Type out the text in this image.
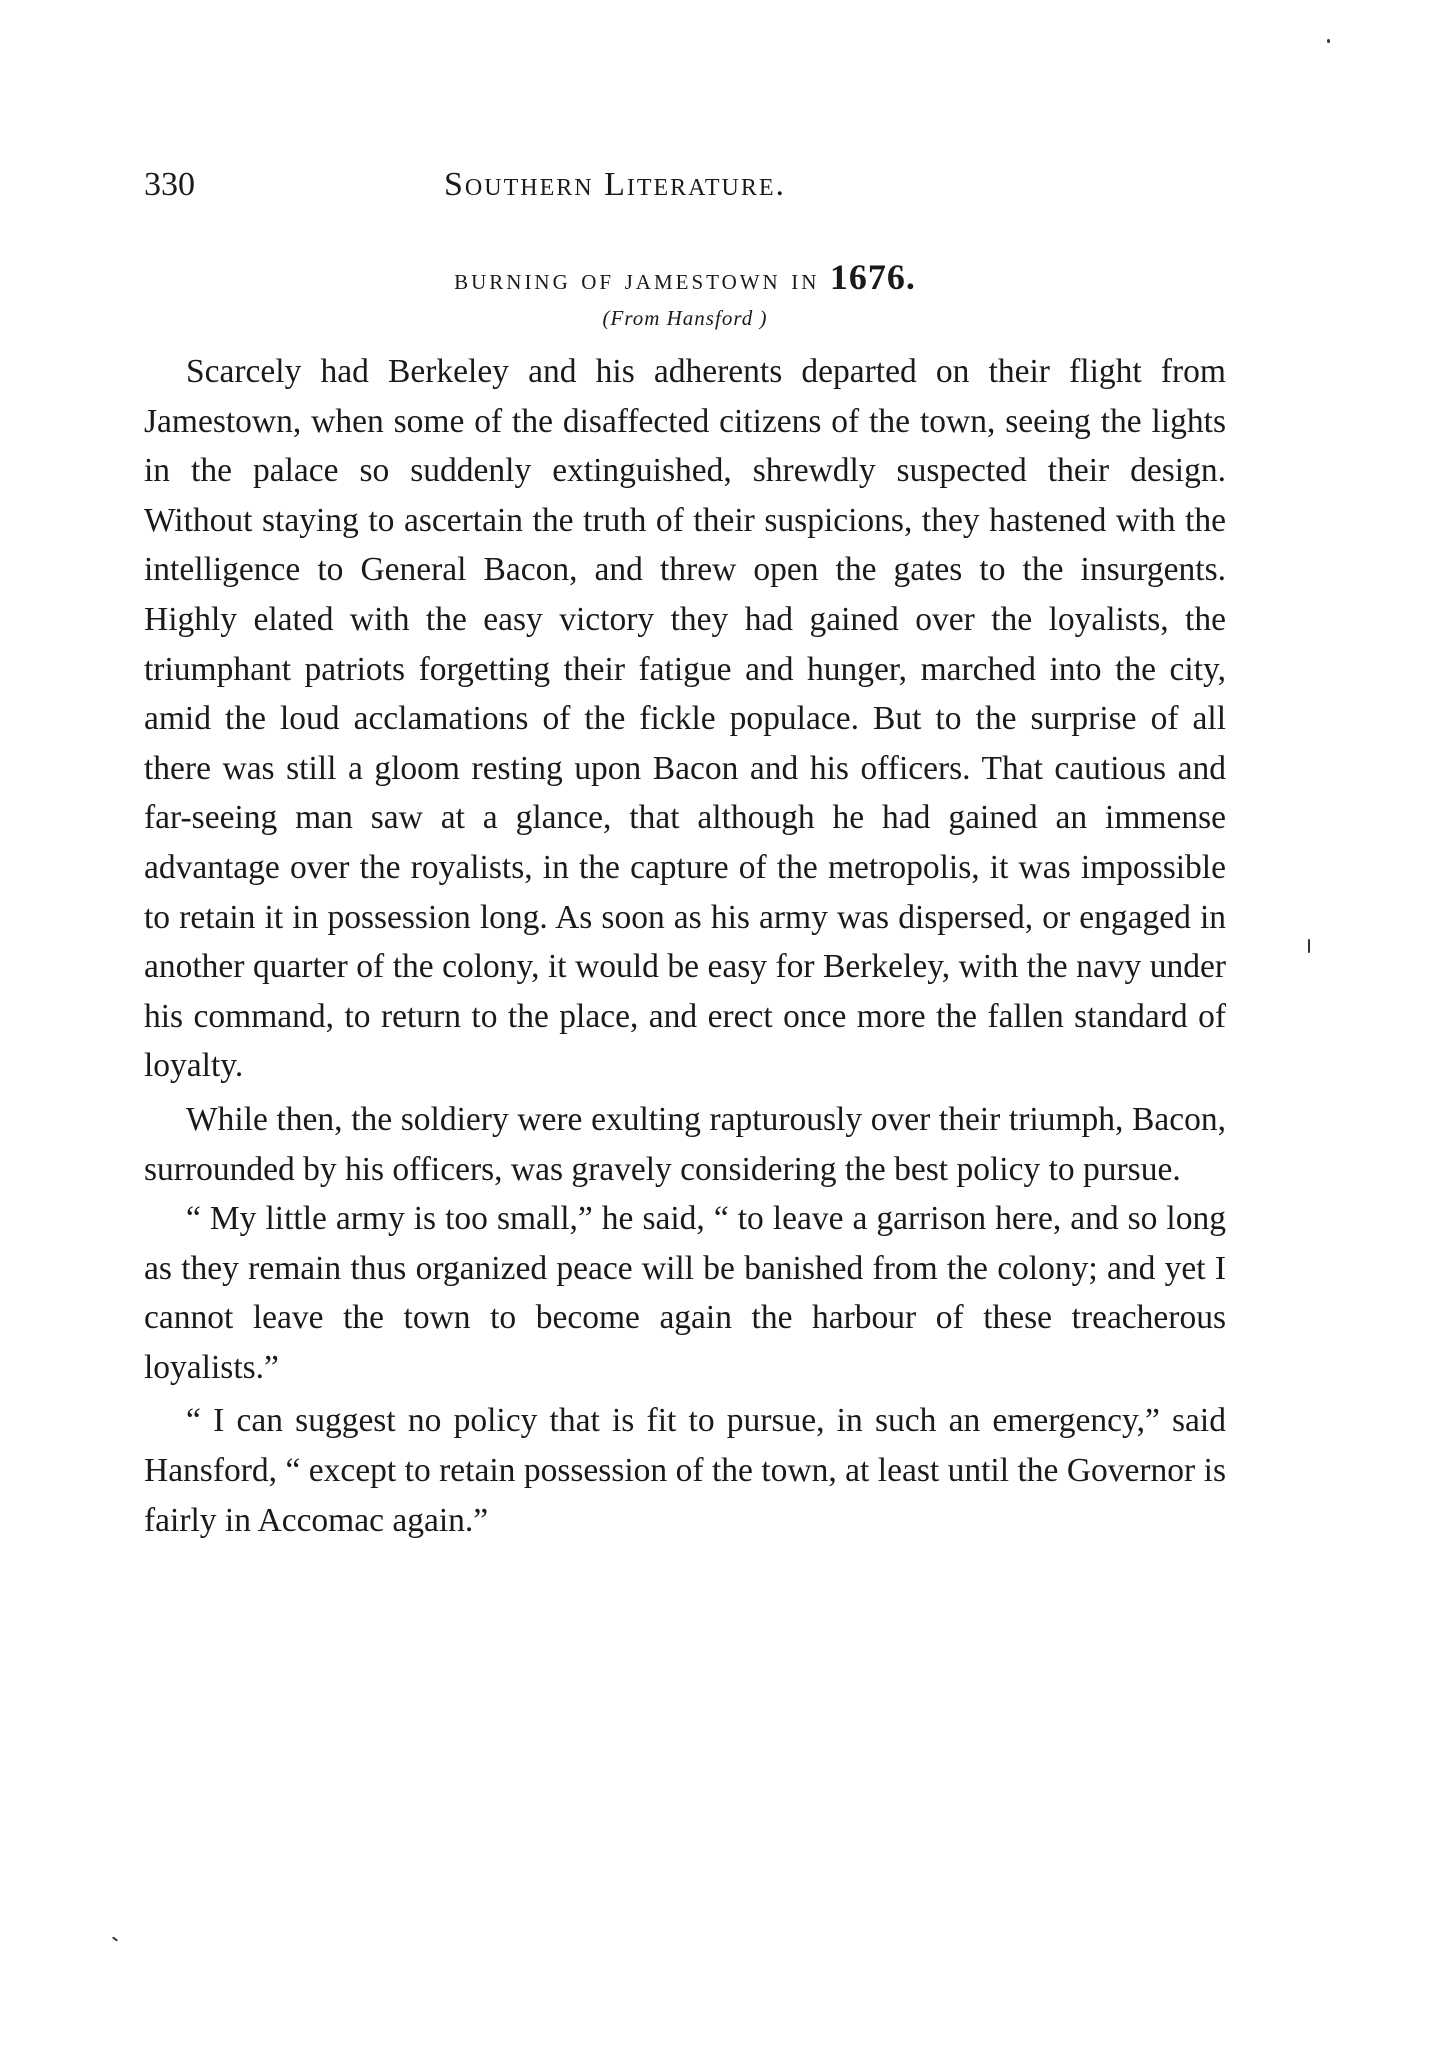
330	Southern Literature.
burning of jamestown in 1676.
(From Hansford )

Scarcely had Berkeley and his adherents departed on their flight from Jamestown, when some of the disaffected citizens of the town, seeing the lights in the palace so suddenly extinguished, shrewdly suspected their design. Without staying to ascertain the truth of their suspicions, they hastened with the intelligence to General Bacon, and threw open the gates to the insurgents. Highly elated with the easy victory they had gained over the loyalists, the triumphant patriots forgetting their fatigue and hunger, marched into the city, amid the loud acclamations of the fickle populace. But to the surprise of all there was still a gloom resting upon Bacon and his officers. That cautious and far-seeing man saw at a glance, that although he had gained an immense advantage over the royalists, in the capture of the metropolis, it was impossible to retain it in possession long. As soon as his army was dispersed, or engaged in another quarter of the colony, it would be easy for Berkeley, with the navy under his command, to return to the place, and erect once more the fallen standard of loyalty.

While then, the soldiery were exulting rapturously over their triumph, Bacon, surrounded by his officers, was gravely considering the best policy to pursue.

“ My little army is too small,” he said, “ to leave a garrison here, and so long as they remain thus organized peace will be banished from the colony; and yet I cannot leave the town to become again the harbour of these treacherous loyalists.”

“ I can suggest no policy that is fit to pursue, in such an emergency,” said Hansford, “ except to retain possession of the town, at least until the Governor is fairly in Accomac again.”
